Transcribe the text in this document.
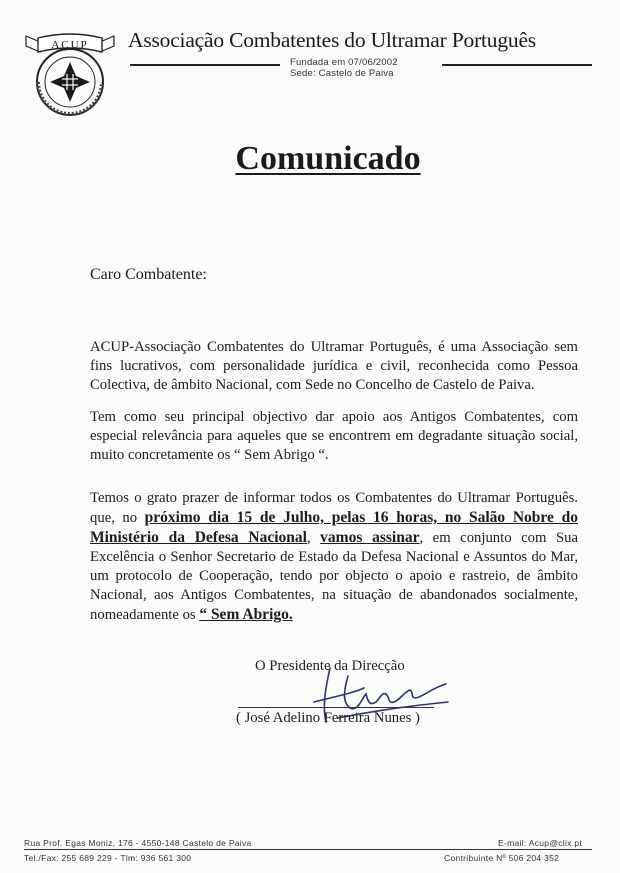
ACUP Associação Combatentes do Ultramar Português
Fundada em 07/06/2002
Sede: Castelo de Paiva
Comunicado
Caro Combatente:
ACUP-Associação Combatentes do Ultramar Português, é uma Associação sem fins lucrativos, com personalidade jurídica e civil, reconhecida como Pessoa Colectiva, de âmbito Nacional, com Sede no Concelho de Castelo de Paiva.
Tem como seu principal objectivo dar apoio aos Antigos Combatentes, com especial relevância para aqueles que se encontrem em degradante situação social, muito concretamente os “ Sem Abrigo “.
Temos o grato prazer de informar todos os Combatentes do Ultramar Português. que, no próximo dia 15 de Julho, pelas 16 horas, no Salão Nobre do Ministério da Defesa Nacional, vamos assinar, em conjunto com Sua Excelência o Senhor Secretario de Estado da Defesa Nacional e Assuntos do Mar, um protocolo de Cooperação, tendo por objecto o apoio e rastreio, de âmbito Nacional, aos Antigos Combatentes, na situação de abandonados socialmente, nomeadamente os “ Sem Abrigo.
O Presidente da Direcção
( José Adelino Ferreira Nunes )
Rua Prof. Egas Moniz, 176 - 4550-148 Castelo de Paiva	E-mail: Acup@clix.pt
Tel./Fax: 255 689 229 - Tlm: 936 561 300	Contribuinte Nº 506 204 352
